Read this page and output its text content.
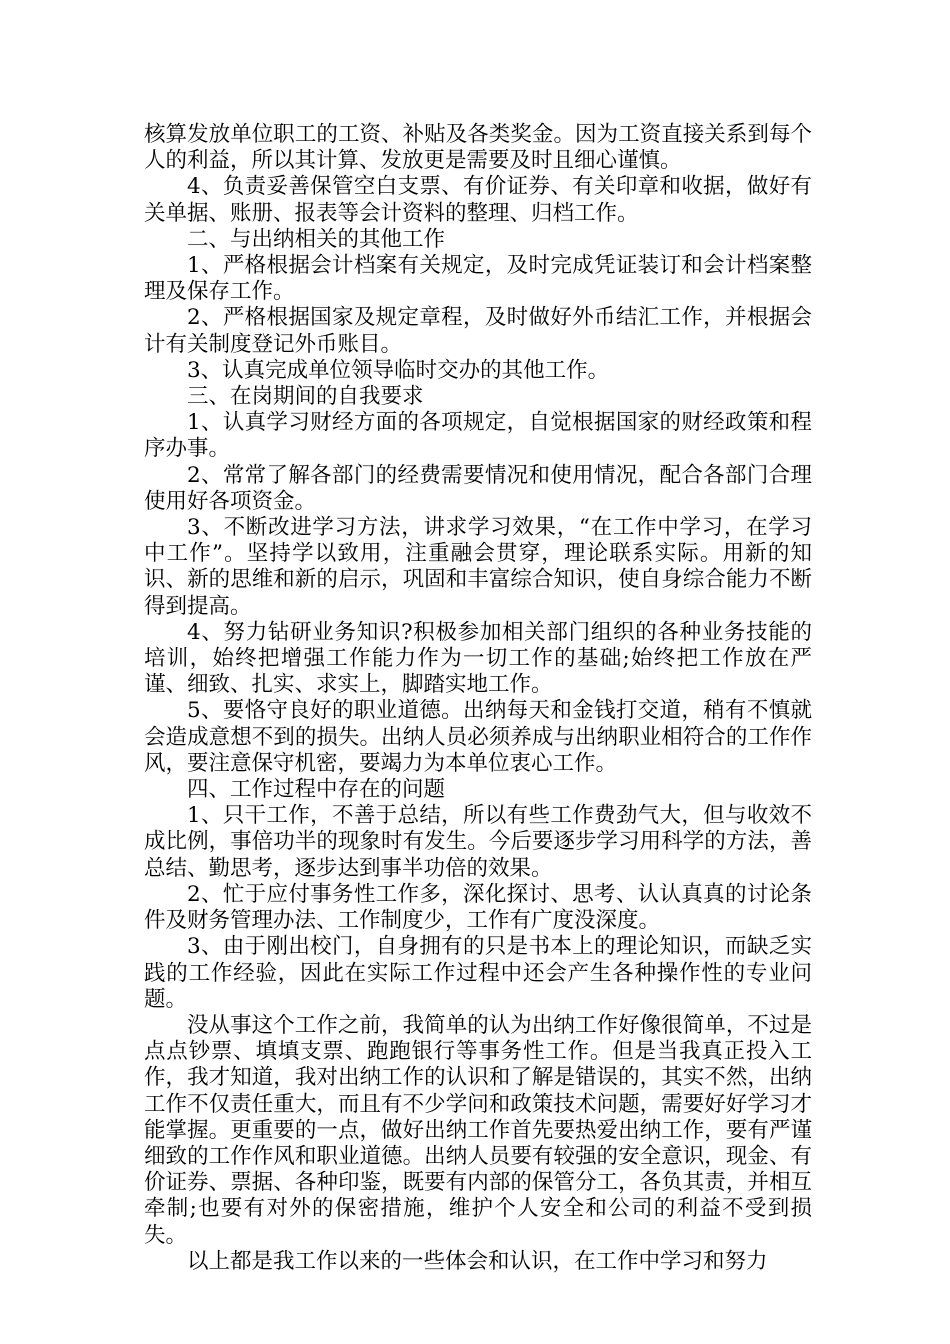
核算发放单位职工的工资、补贴及各类奖金。因为工资直接关系到每个人的利益，所以其计算、发放更是需要及时且细心谨慎。

4、负责妥善保管空白支票、有价证券、有关印章和收据，做好有关单据、账册、报表等会计资料的整理、归档工作。

二、与出纳相关的其他工作

1、严格根据会计档案有关规定，及时完成凭证装订和会计档案整理及保存工作。

2、严格根据国家及规定章程，及时做好外币结汇工作，并根据会计有关制度登记外币账目。

3、认真完成单位领导临时交办的其他工作。

三、在岗期间的自我要求

1、认真学习财经方面的各项规定，自觉根据国家的财经政策和程序办事。

2、常常了解各部门的经费需要情况和使用情况，配合各部门合理使用好各项资金。

3、不断改进学习方法，讲求学习效果，“在工作中学习，在学习中工作”。坚持学以致用，注重融会贯穿，理论联系实际。用新的知识、新的思维和新的启示，巩固和丰富综合知识，使自身综合能力不断得到提高。

4、努力钻研业务知识?积极参加相关部门组织的各种业务技能的培训，始终把增强工作能力作为一切工作的基础;始终把工作放在严谨、细致、扎实、求实上，脚踏实地工作。

5、要恪守良好的职业道德。出纳每天和金钱打交道，稍有不慎就会造成意想不到的损失。出纳人员必须养成与出纳职业相符合的工作作风，要注意保守机密，要竭力为本单位衷心工作。

四、工作过程中存在的问题

1、只干工作，不善于总结，所以有些工作费劲气大，但与收效不成比例，事倍功半的现象时有发生。今后要逐步学习用科学的方法，善总结、勤思考，逐步达到事半功倍的效果。

2、忙于应付事务性工作多，深化探讨、思考、认认真真的讨论条件及财务管理办法、工作制度少，工作有广度没深度。

3、由于刚出校门，自身拥有的只是书本上的理论知识，而缺乏实践的工作经验，因此在实际工作过程中还会产生各种操作性的专业问题。

没从事这个工作之前，我简单的认为出纳工作好像很简单，不过是点点钞票、填填支票、跑跑银行等事务性工作。但是当我真正投入工作，我才知道，我对出纳工作的认识和了解是错误的，其实不然，出纳工作不仅责任重大，而且有不少学问和政策技术问题，需要好好学习才能掌握。更重要的一点，做好出纳工作首先要热爱出纳工作，要有严谨细致的工作作风和职业道德。出纳人员要有较强的安全意识，现金、有价证券、票据、各种印鉴，既要有内部的保管分工，各负其责，并相互牵制;也要有对外的保密措施，维护个人安全和公司的利益不受到损失。

以上都是我工作以来的一些体会和认识，在工作中学习和努力
